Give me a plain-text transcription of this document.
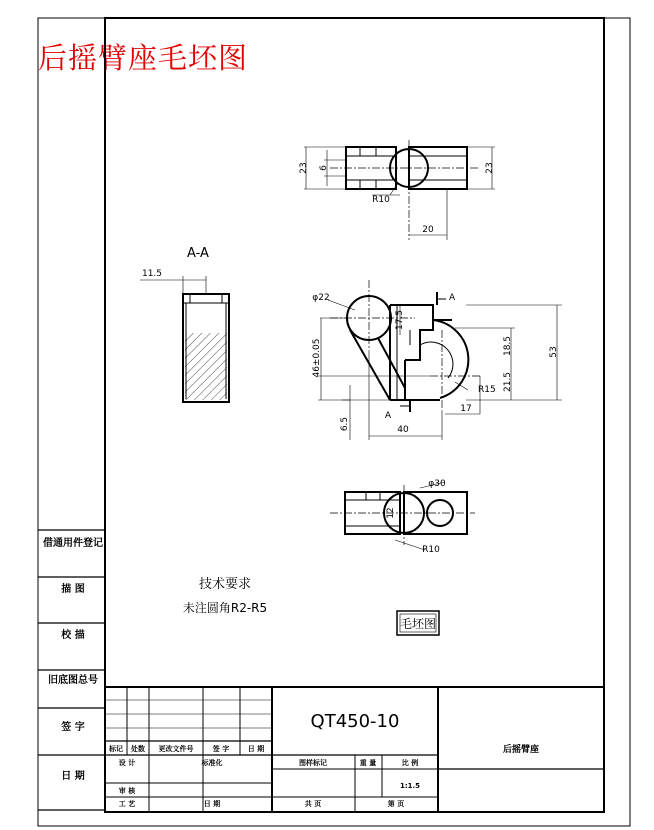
后摇臂座毛坯图
借通用件登记
描 图
校 描
旧底图总号
签 字
日 期
23 6	23
R10
20
A-A
11.5
φ22	A
17.5
46±0.05	18.5	53
21.5
R15
17
A
6.5	40
φ30
12
R10
技术要求
未注圆角R2-R5
毛坯图
QT450-10
后摇臂座
标记 处数 更改文件号	签 字	日 期
设 计	标准化
审 核
工 艺	日 期
图样标记	重 量	比 例
1:1.5
共 页	第 页
